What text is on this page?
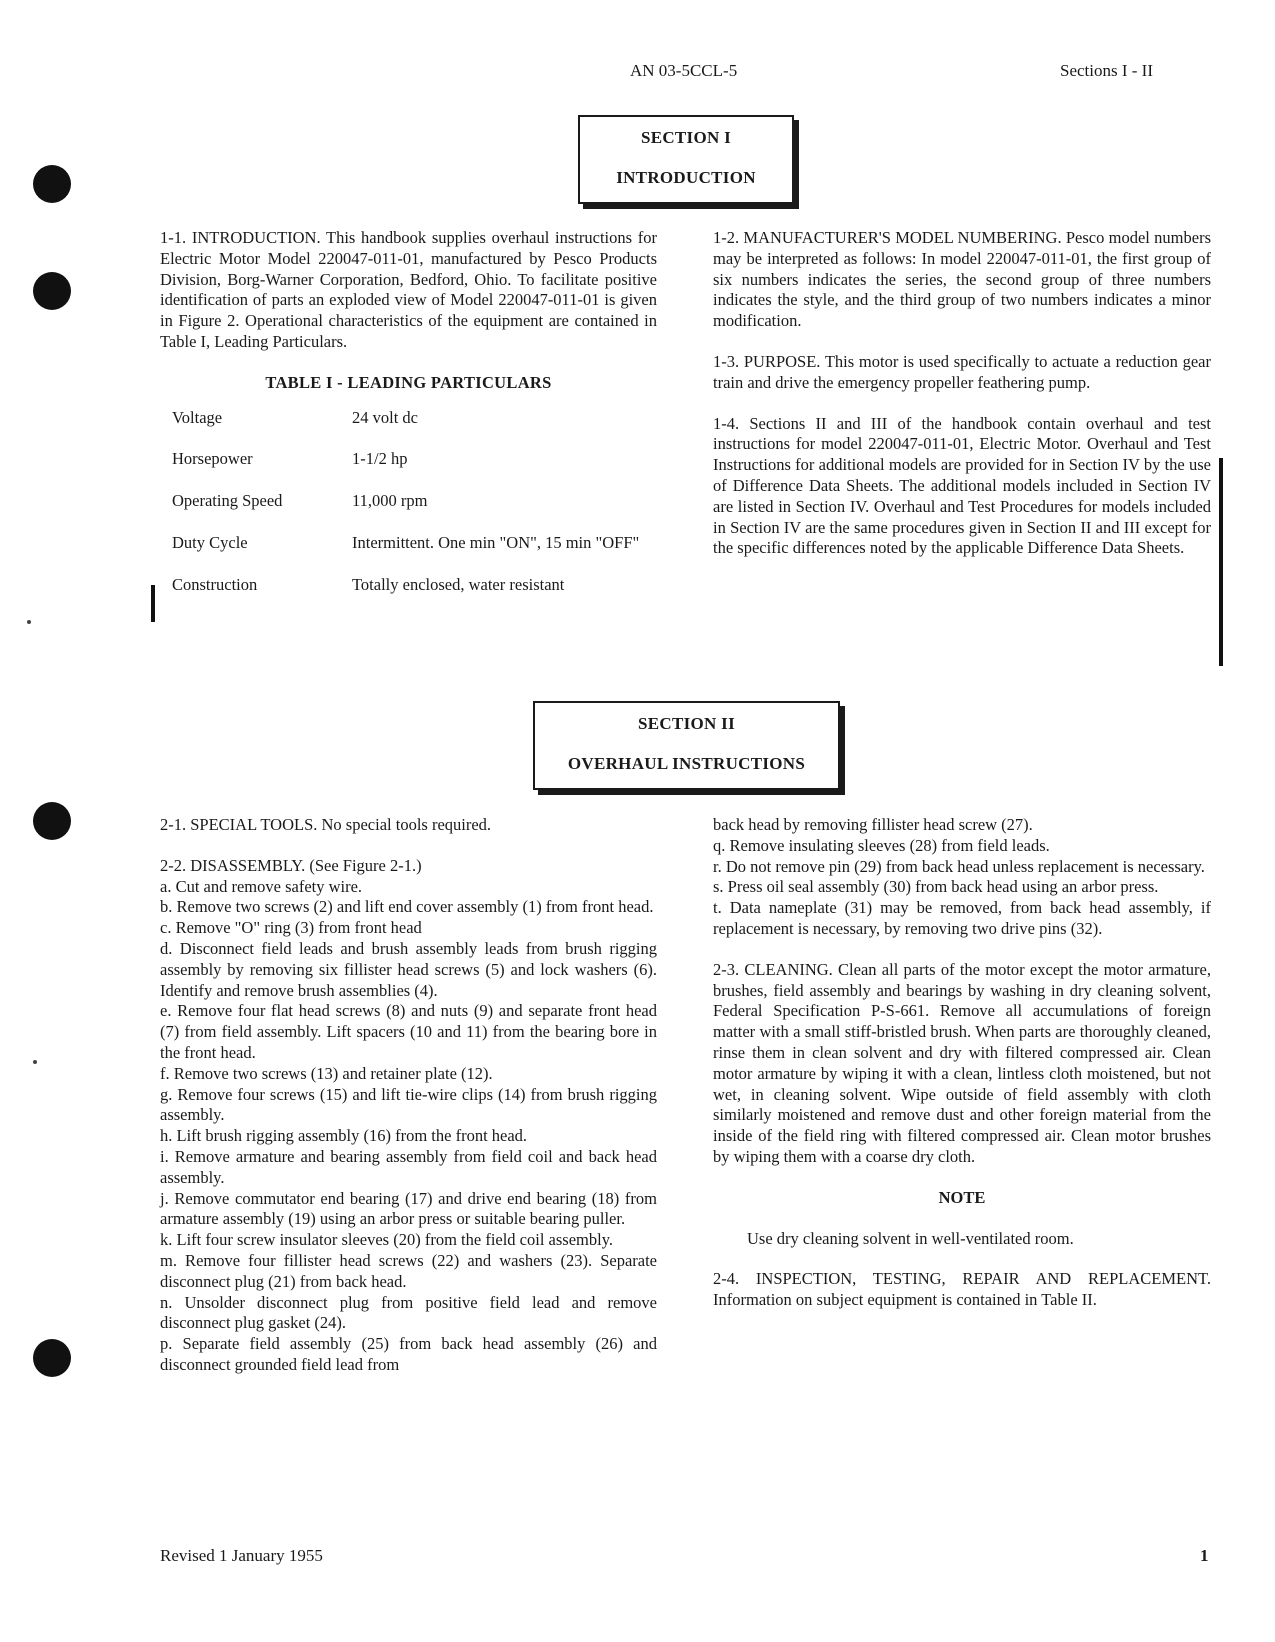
AN 03-5CCL-5	Sections I - II
SECTION I
INTRODUCTION

1-1. INTRODUCTION. This handbook supplies overhaul instructions for Electric Motor Model 220047-011-01, manufactured by Pesco Products Division, Borg-Warner Corporation, Bedford, Ohio. To facilitate positive identification of parts an exploded view of Model 220047-011-01 is given in Figure 2. Operational characteristics of the equipment are contained in Table I, Leading Particulars.

TABLE I - LEADING PARTICULARS
Voltage	24 volt dc
Horsepower	1-1/2 hp
Operating Speed	11,000 rpm
Duty Cycle	Intermittent. One min "ON", 15 min "OFF"
Construction	Totally enclosed, water resistant

1-2. MANUFACTURER'S MODEL NUMBERING. Pesco model numbers may be interpreted as follows: In model 220047-011-01, the first group of six numbers indicates the series, the second group of three numbers indicates the style, and the third group of two numbers indicates a minor modification.

1-3. PURPOSE. This motor is used specifically to actuate a reduction gear train and drive the emergency propeller feathering pump.

1-4. Sections II and III of the handbook contain overhaul and test instructions for model 220047-011-01, Electric Motor. Overhaul and Test Instructions for additional models are provided for in Section IV by the use of Difference Data Sheets. The additional models included in Section IV are listed in Section IV. Overhaul and Test Procedures for models included in Section IV are the same procedures given in Section II and III except for the specific differences noted by the applicable Difference Data Sheets.

SECTION II
OVERHAUL INSTRUCTIONS

2-1. SPECIAL TOOLS. No special tools required.

2-2. DISASSEMBLY. (See Figure 2-1.)
a. Cut and remove safety wire.
b. Remove two screws (2) and lift end cover assembly (1) from front head.
c. Remove "O" ring (3) from front head
d. Disconnect field leads and brush assembly leads from brush rigging assembly by removing six fillister head screws (5) and lock washers (6). Identify and remove brush assemblies (4).
e. Remove four flat head screws (8) and nuts (9) and separate front head (7) from field assembly. Lift spacers (10 and 11) from the bearing bore in the front head.
f. Remove two screws (13) and retainer plate (12).
g. Remove four screws (15) and lift tie-wire clips (14) from brush rigging assembly.
h. Lift brush rigging assembly (16) from the front head.
i. Remove armature and bearing assembly from field coil and back head assembly.
j. Remove commutator end bearing (17) and drive end bearing (18) from armature assembly (19) using an arbor press or suitable bearing puller.
k. Lift four screw insulator sleeves (20) from the field coil assembly.
m. Remove four fillister head screws (22) and washers (23). Separate disconnect plug (21) from back head.
n. Unsolder disconnect plug from positive field lead and remove disconnect plug gasket (24).
p. Separate field assembly (25) from back head assembly (26) and disconnect grounded field lead from
back head by removing fillister head screw (27).
q. Remove insulating sleeves (28) from field leads.
r. Do not remove pin (29) from back head unless replacement is necessary.
s. Press oil seal assembly (30) from back head using an arbor press.
t. Data nameplate (31) may be removed, from back head assembly, if replacement is necessary, by removing two drive pins (32).

2-3. CLEANING. Clean all parts of the motor except the motor armature, brushes, field assembly and bearings by washing in dry cleaning solvent, Federal Specification P-S-661. Remove all accumulations of foreign matter with a small stiff-bristled brush. When parts are thoroughly cleaned, rinse them in clean solvent and dry with filtered compressed air. Clean motor armature by wiping it with a clean, lintless cloth moistened, but not wet, in cleaning solvent. Wipe outside of field assembly with cloth similarly moistened and remove dust and other foreign material from the inside of the field ring with filtered compressed air. Clean motor brushes by wiping them with a coarse dry cloth.

NOTE
Use dry cleaning solvent in well-ventilated room.

2-4. INSPECTION, TESTING, REPAIR AND REPLACEMENT. Information on subject equipment is contained in Table II.

Revised 1 January 1955	1
